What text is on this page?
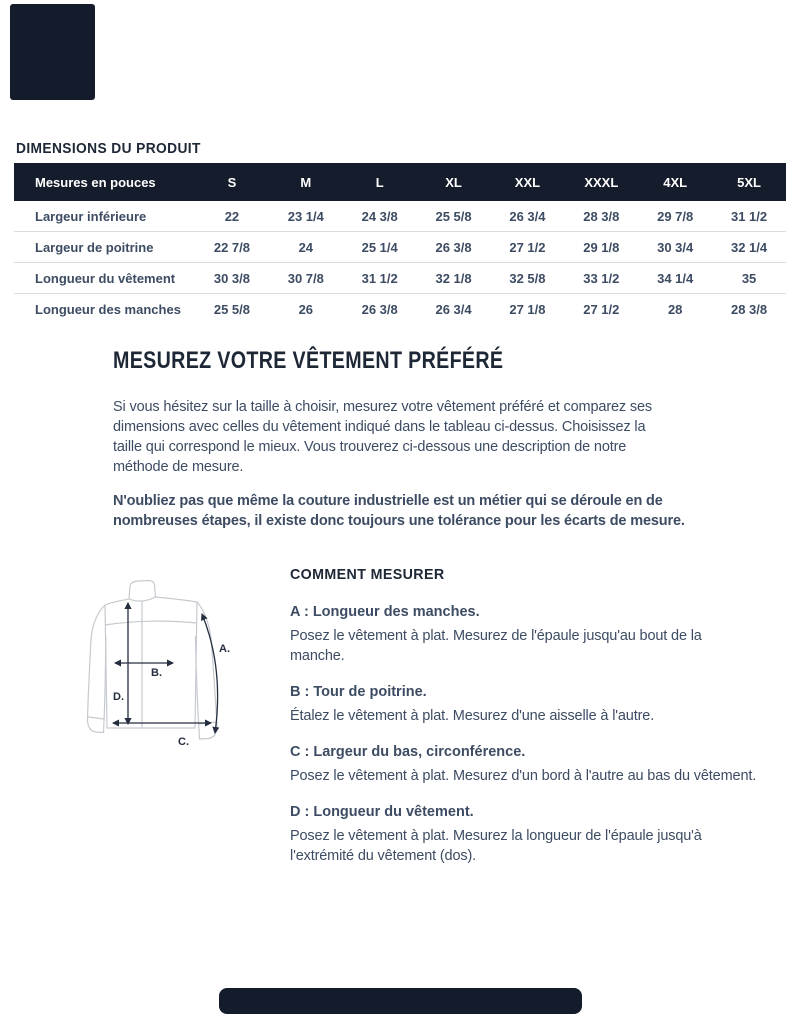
DIMENSIONS DU PRODUIT
Mesures en pouces	S	M	L	XL	XXL	XXXL	4XL	5XL
Largeur inférieure	22	23 1/4	24 3/8	25 5/8	26 3/4	28 3/8	29 7/8	31 1/2
Largeur de poitrine	22 7/8	24	25 1/4	26 3/8	27 1/2	29 1/8	30 3/4	32 1/4
Longueur du vêtement	30 3/8	30 7/8	31 1/2	32 1/8	32 5/8	33 1/2	34 1/4	35
Longueur des manches	25 5/8	26	26 3/8	26 3/4	27 1/8	27 1/2	28	28 3/8
MESUREZ VOTRE VÊTEMENT PRÉFÉRÉ
Si vous hésitez sur la taille à choisir, mesurez votre vêtement préféré et comparez ses
dimensions avec celles du vêtement indiqué dans le tableau ci-dessus. Choisissez la
taille qui correspond le mieux. Vous trouverez ci-dessous une description de notre
méthode de mesure.
N'oubliez pas que même la couture industrielle est un métier qui se déroule en de
nombreuses étapes, il existe donc toujours une tolérance pour les écarts de mesure.
A.
B.
C.
D.
COMMENT MESURER
A : Longueur des manches.
Posez le vêtement à plat. Mesurez de l'épaule jusqu'au bout de la
manche.
B : Tour de poitrine.
Étalez le vêtement à plat. Mesurez d'une aisselle à l'autre.
C : Largeur du bas, circonférence.
Posez le vêtement à plat. Mesurez d'un bord à l'autre au bas du vêtement.
D : Longueur du vêtement.
Posez le vêtement à plat. Mesurez la longueur de l'épaule jusqu'à
l'extrémité du vêtement (dos).
